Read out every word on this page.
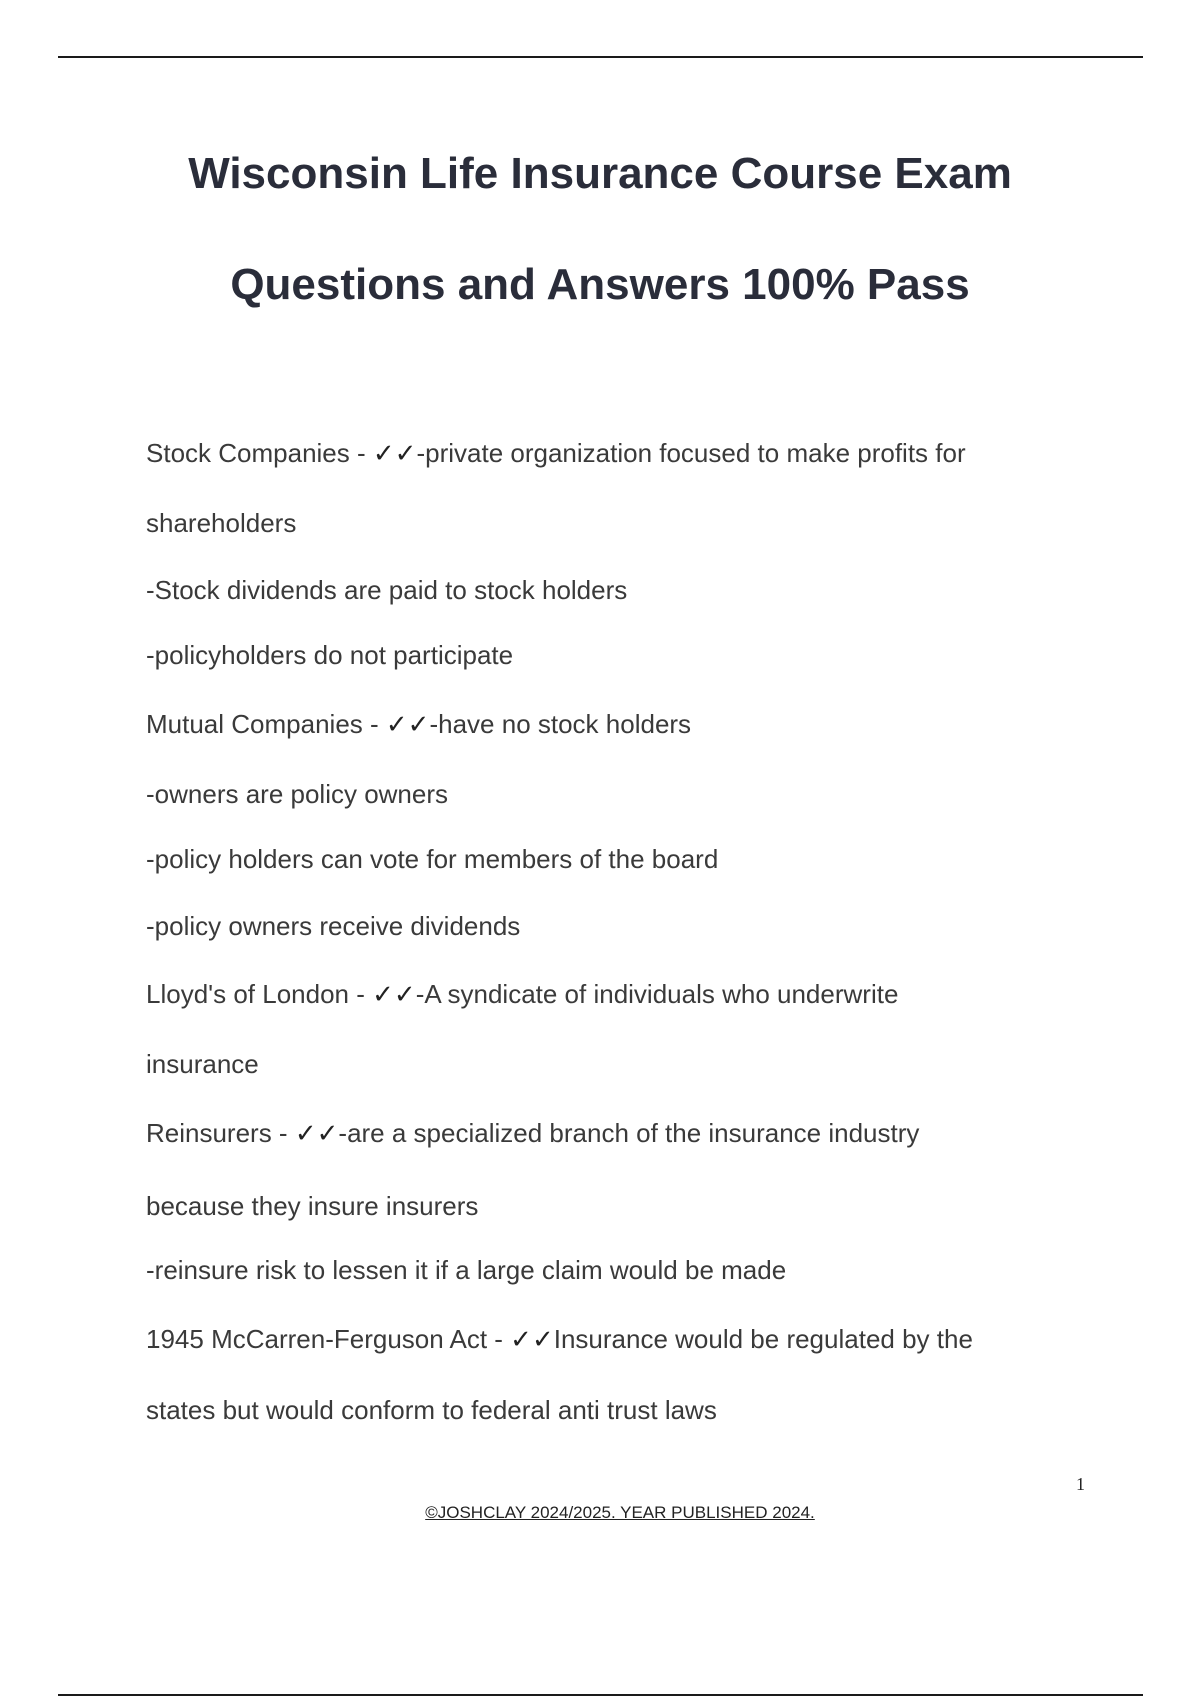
Wisconsin Life Insurance Course Exam
Questions and Answers 100% Pass
Stock Companies - ✓✓-private organization focused to make profits for
shareholders
-Stock dividends are paid to stock holders
-policyholders do not participate
Mutual Companies - ✓✓-have no stock holders
-owners are policy owners
-policy holders can vote for members of the board
-policy owners receive dividends
Lloyd's of London - ✓✓-A syndicate of individuals who underwrite
insurance
Reinsurers - ✓✓-are a specialized branch of the insurance industry
because they insure insurers
-reinsure risk to lessen it if a large claim would be made
1945 McCarren-Ferguson Act - ✓✓Insurance would be regulated by the
states but would conform to federal anti trust laws
1
©JOSHCLAY 2024/2025. YEAR PUBLISHED 2024.
